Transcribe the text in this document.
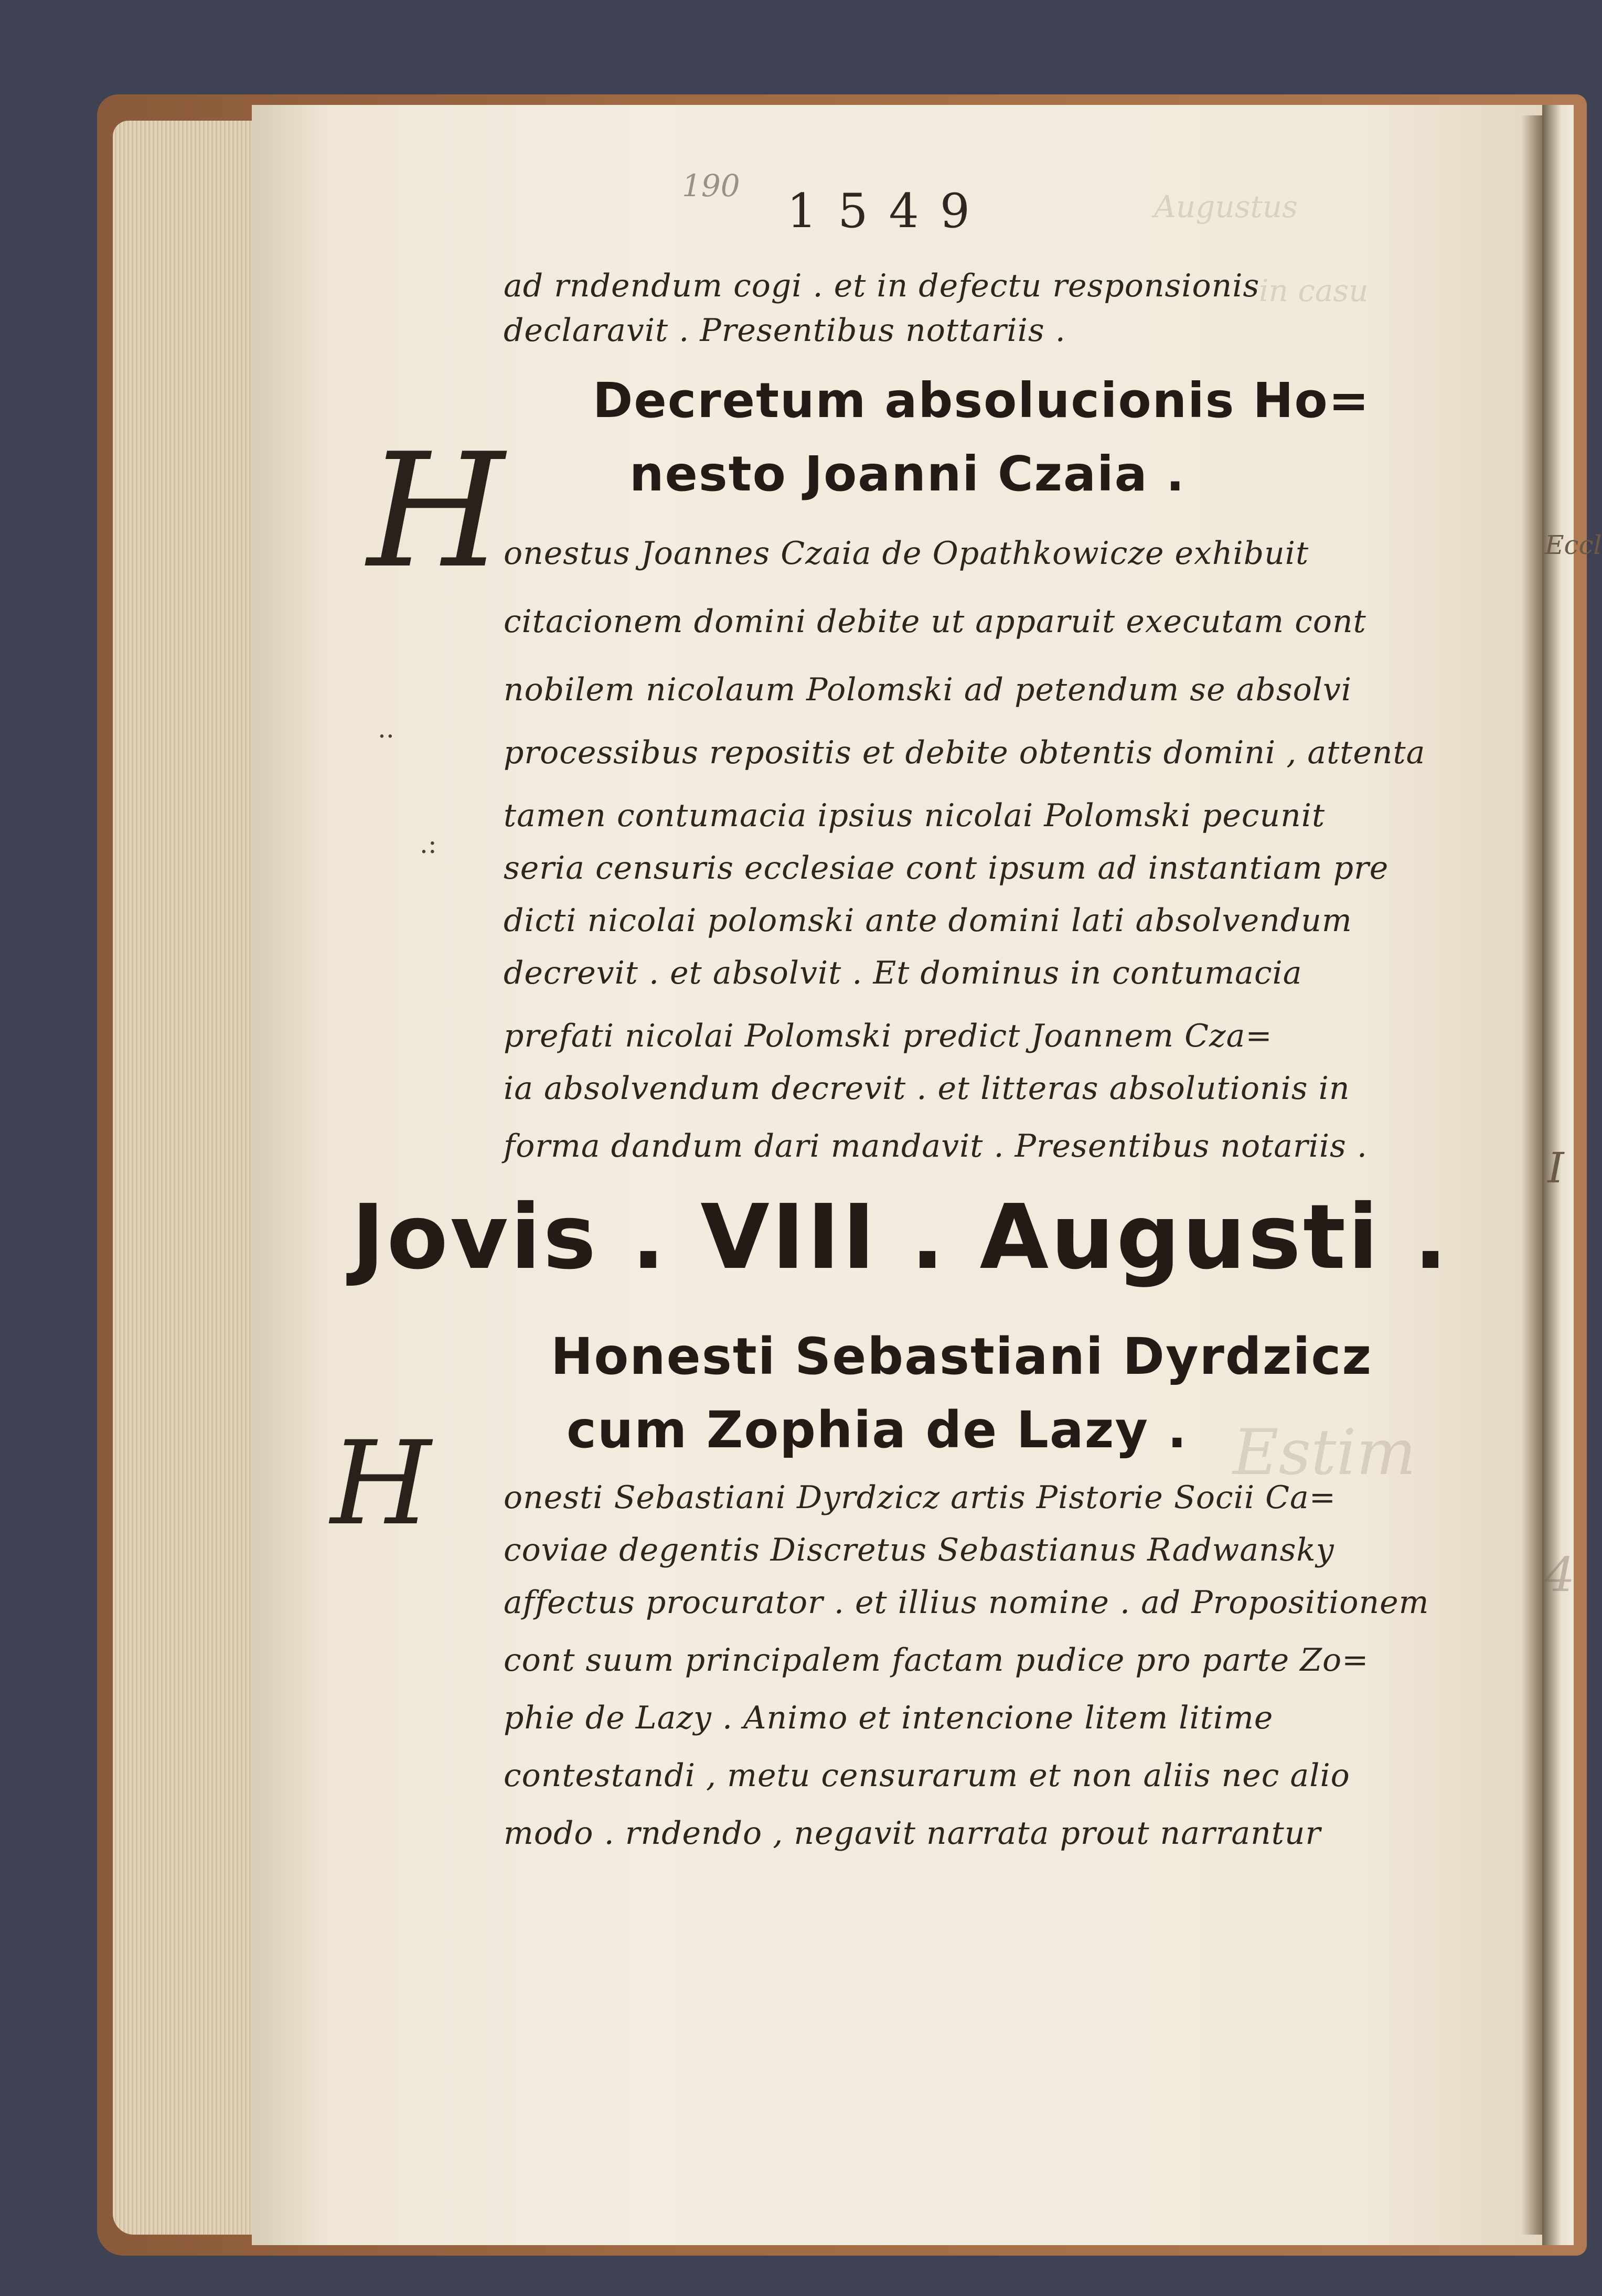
Augustus
in casu
Estim
190 1549
ad rndendum cogi . et in defectu responsionis
declaravit . Presentibus nottariis .
Decretum absolucionis Ho=
nesto Joanni Czaia .
H
onestus Joannes Czaia de Opathkowicze exhibuit
citacionem domini debite ut apparuit executam cont
nobilem nicolaum Polomski ad petendum se absolvi
processibus repositis et debite obtentis domini , attenta
tamen contumacia ipsius nicolai Polomski pecunit
seria censuris ecclesiae cont ipsum ad instantiam pre
dicti nicolai polomski ante domini lati absolvendum
decrevit . et absolvit . Et dominus in contumacia
prefati nicolai Polomski predict Joannem Cza=
ia absolvendum decrevit . et litteras absolutionis in
forma dandum dari mandavit . Presentibus notariis .
Jovis . VIII . Augusti .
Honesti Sebastiani Dyrdzicz
cum Zophia de Lazy .
H onesti Sebastiani Dyrdzicz artis Pistorie Socii Ca=
coviae degentis Discretus Sebastianus Radwansky
affectus procurator . et illius nomine . ad Propositionem
cont suum principalem factam pudice pro parte Zo=
phie de Lazy . Animo et intencione litem litime
contestandi , metu censurarum et non aliis nec alio
modo . rndendo , negavit narrata prout narrantur
..
.:
Eccl
I
4
